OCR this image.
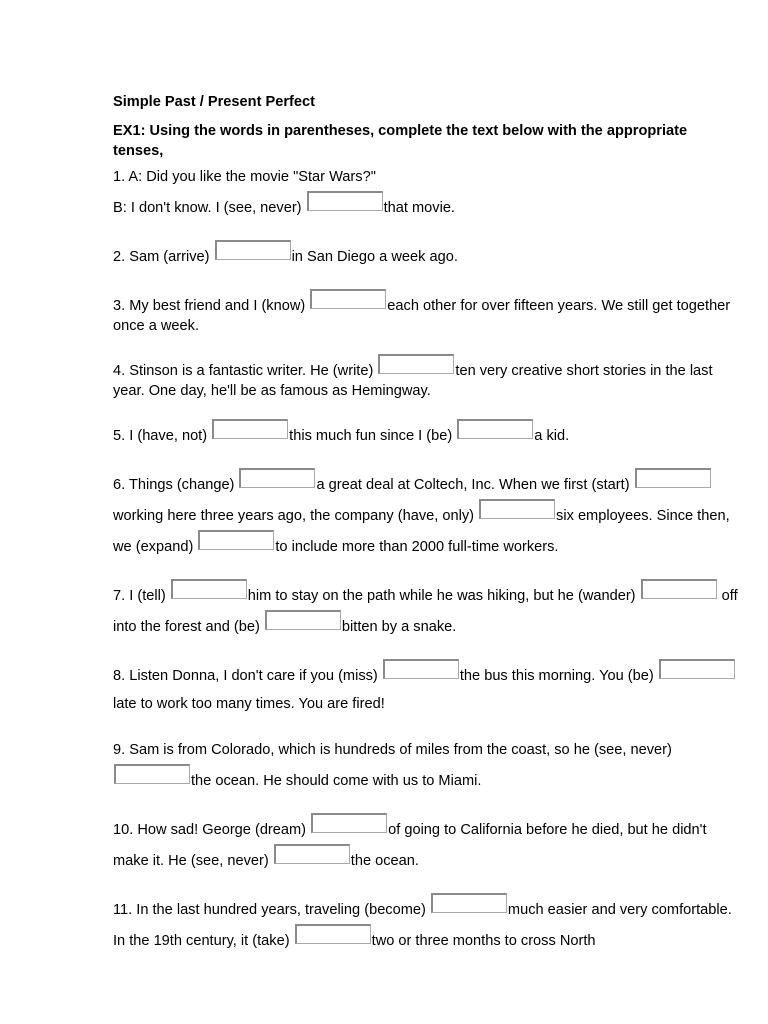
Simple Past / Present Perfect

EX1: Using the words in parentheses, complete the text below with the appropriate tenses,

1. A: Did you like the movie "Star Wars?"
B: I don't know. I (see, never)	that movie.

2. Sam (arrive)	in San Diego a week ago.

3. My best friend and I (know)	each other for over fifteen years. We still get together once a week.

4. Stinson is a fantastic writer. He (write)	ten very creative short stories in the last year. One day, he'll be as famous as Hemingway.

5. I (have, not)	this much fun since I (be)	a kid.

6. Things (change)	a great deal at Coltech, Inc. When we first (start)  working here three years ago, the company (have, only)	six employees. Since then, we (expand)	to include more than 2000 full-time workers.

7. I (tell)	him to stay on the path while he was hiking, but he (wander)	off into the forest and (be)	bitten by a snake.

8. Listen Donna, I don't care if you (miss)	the bus this morning. You (be) late to work too many times. You are fired!

9. Sam is from Colorado, which is hundreds of miles from the coast, so he (see, never) the ocean. He should come with us to Miami.

10. How sad! George (dream)	of going to California before he died, but he didn't make it. He (see, never)	the ocean.

11. In the last hundred years, traveling (become)	much easier and very comfortable. In the 19th century, it (take)	two or three months to cross North
